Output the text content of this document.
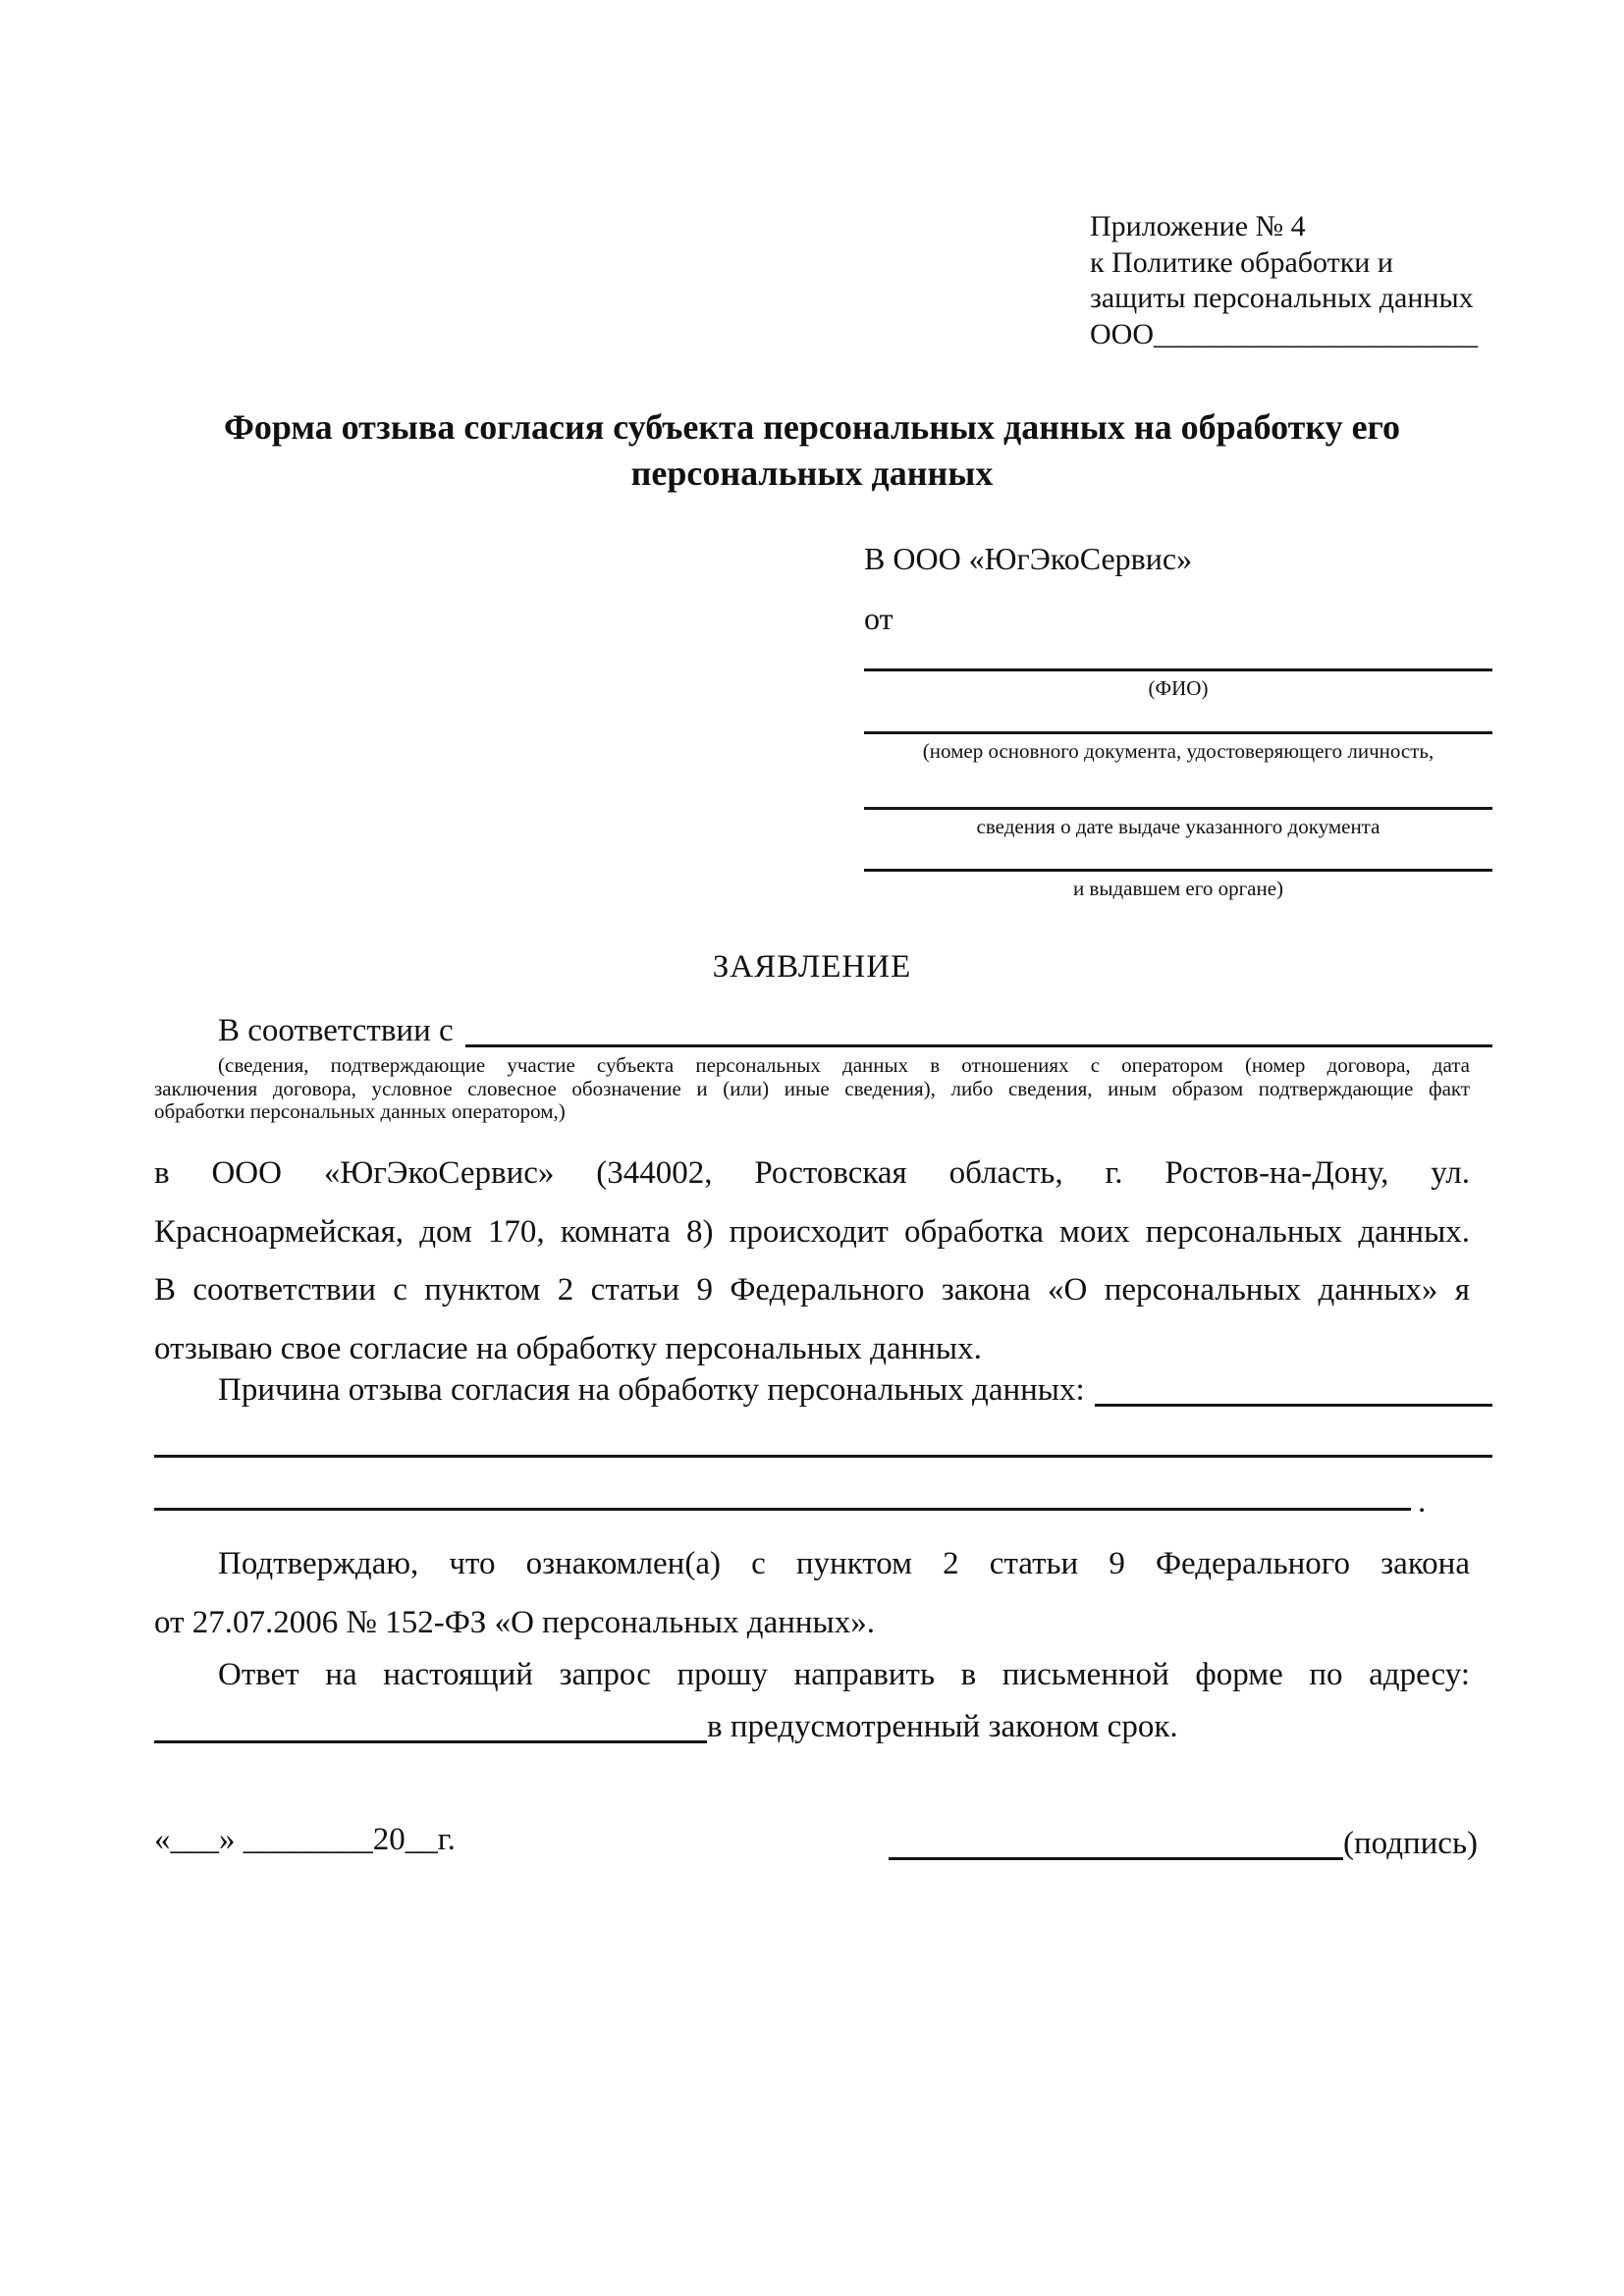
Приложение № 4
к Политике обработки и
защиты персональных данных
ООО______________________
Форма отзыва согласия субъекта персональных данных на обработку его персональных данных
В ООО «ЮгЭкоСервис»
от
(ФИО)
(номер основного документа, удостоверяющего личность,
сведения о дате выдаче указанного документа
и выдавшем его органе)
ЗАЯВЛЕНИЕ
В соответствии с
(сведения, подтверждающие участие субъекта персональных данных в отношениях с оператором (номер договора, дата
заключения договора, условное словесное обозначение и (или) иные сведения), либо сведения, иным образом подтверждающие факт
обработки персональных данных оператором,)
в ООО «ЮгЭкоСервис» (344002, Ростовская область, г. Ростов-на-Дону, ул.
Красноармейская, дом 170, комната 8) происходит обработка моих персональных данных.
В соответствии с пунктом 2 статьи 9 Федерального закона «О персональных данных» я
отзываю свое согласие на обработку персональных данных.
Причина отзыва согласия на обработку персональных данных:
.
Подтверждаю, что ознакомлен(а) с пунктом 2 статьи 9 Федерального закона
от 27.07.2006 № 152-ФЗ «О персональных данных».
Ответ на настоящий запрос прошу направить в письменной форме по адресу:
в предусмотренный законом срок.
«___» ________20__г.	(подпись)
